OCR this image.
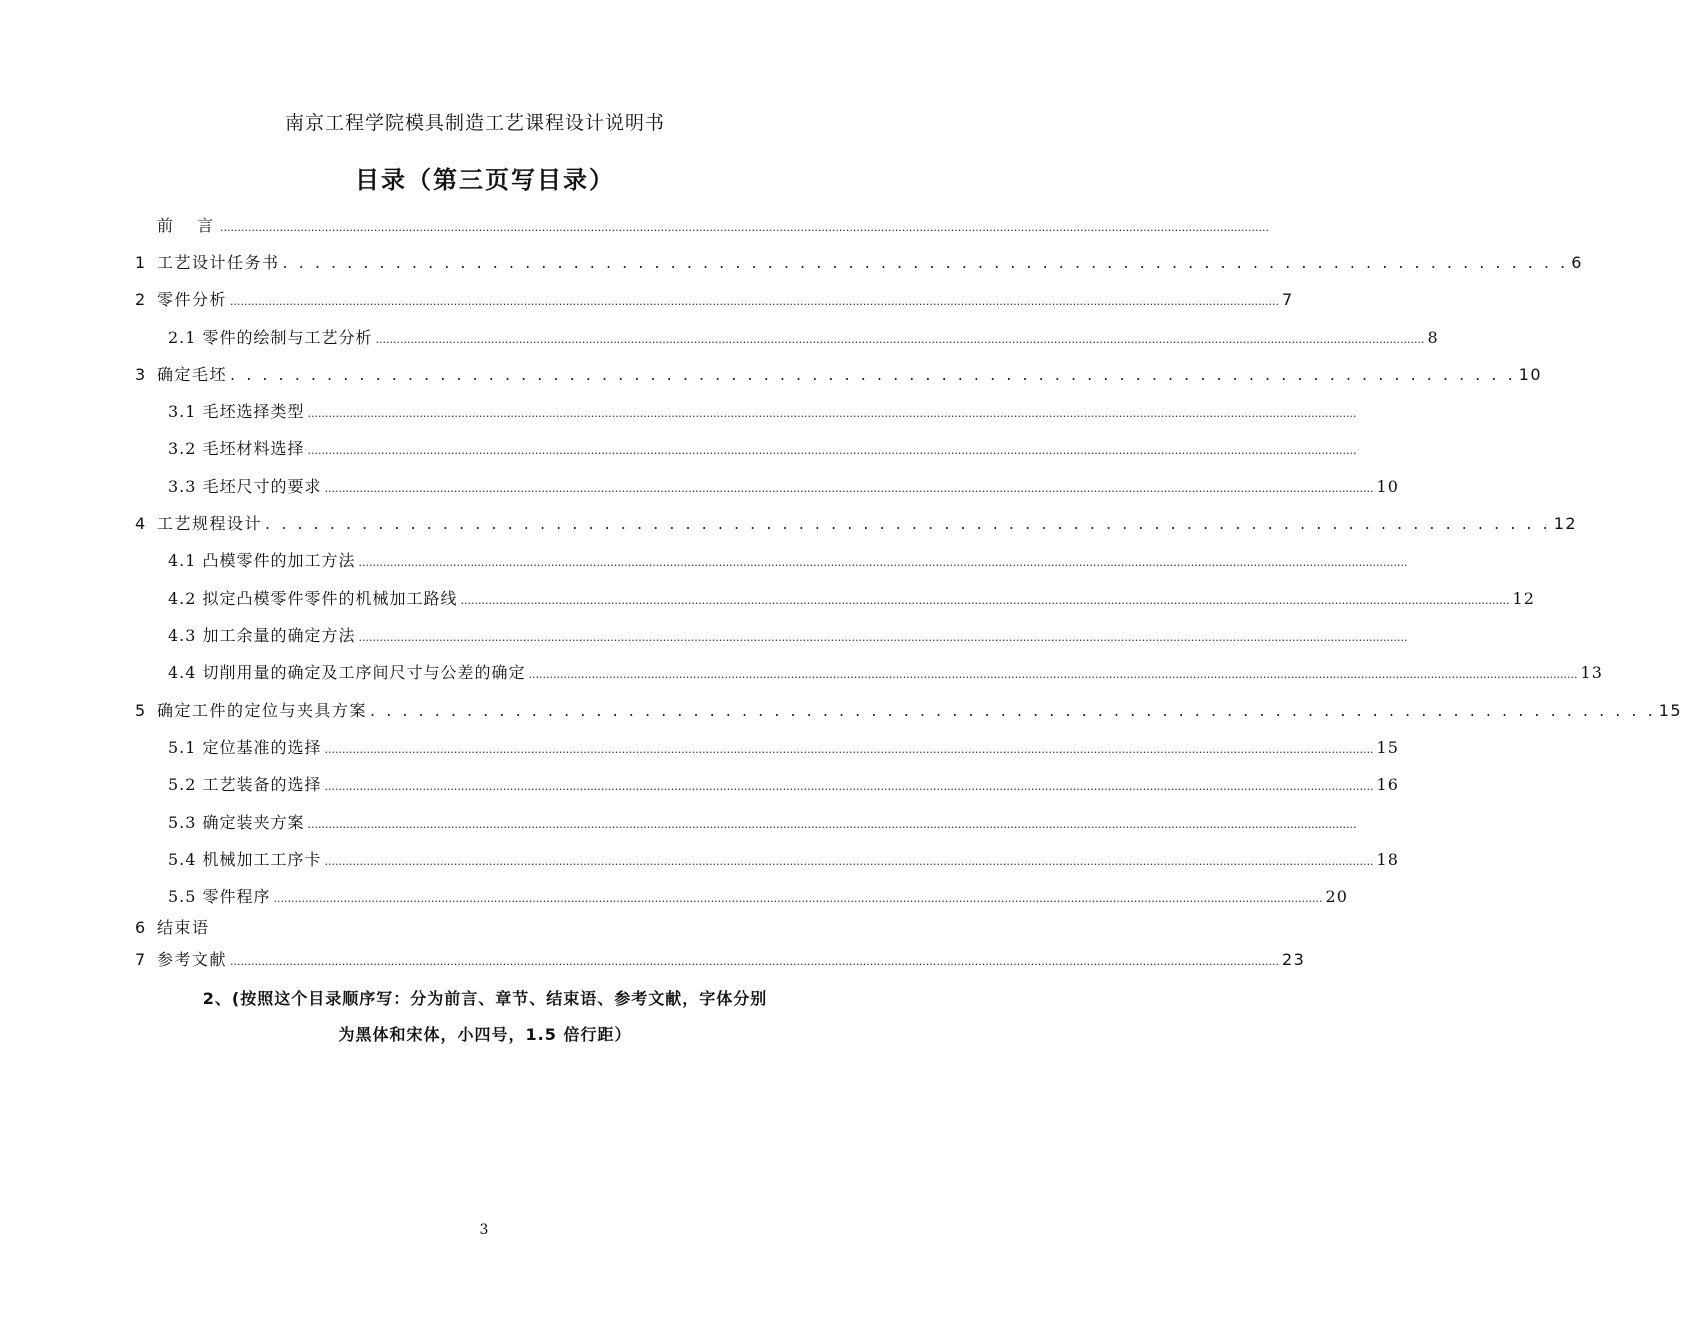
南京工程学院模具制造工艺课程设计说明书
目录（第三页写目录）
前　言 ............................................................................................................................................................................................................................................................................................................
1 工艺设计任务书 . . . . . . . . . . . . . . . . . . . . . . . . . . . . . . . . . . . . . . . . . . . . . . . . . . . . . . . . . . . . . . . . . . . . . . . . . . . . . . . . 6
2 零件分析 ............................................................................................................................................................................................................................................................................................................ 7
2.1 零件的绘制与工艺分析 ............................................................................................................................................................................................................................................................................................................ 8
3 确定毛坯 . . . . . . . . . . . . . . . . . . . . . . . . . . . . . . . . . . . . . . . . . . . . . . . . . . . . . . . . . . . . . . . . . . . . . . . . . . . . . . . . 10
3.1 毛坯选择类型 ............................................................................................................................................................................................................................................................................................................
3.2 毛坯材料选择 ............................................................................................................................................................................................................................................................................................................
3.3 毛坯尺寸的要求 ............................................................................................................................................................................................................................................................................................................ 10
4 工艺规程设计 . . . . . . . . . . . . . . . . . . . . . . . . . . . . . . . . . . . . . . . . . . . . . . . . . . . . . . . . . . . . . . . . . . . . . . . . . . . . . . . . 12
4.1 凸模零件的加工方法 ............................................................................................................................................................................................................................................................................................................
4.2 拟定凸模零件零件的机械加工路线 ............................................................................................................................................................................................................................................................................................................ 12
4.3 加工余量的确定方法 ............................................................................................................................................................................................................................................................................................................
4.4 切削用量的确定及工序间尺寸与公差的确定 ............................................................................................................................................................................................................................................................................................................ 13
5 确定工件的定位与夹具方案 . . . . . . . . . . . . . . . . . . . . . . . . . . . . . . . . . . . . . . . . . . . . . . . . . . . . . . . . . . . . . . . . . . . . . . . . . . . . . . . . 15
5.1 定位基准的选择 ............................................................................................................................................................................................................................................................................................................ 15
5.2 工艺装备的选择 ............................................................................................................................................................................................................................................................................................................ 16
5.3 确定装夹方案 ............................................................................................................................................................................................................................................................................................................
5.4 机械加工工序卡 ............................................................................................................................................................................................................................................................................................................ 18
5.5 零件程序 ............................................................................................................................................................................................................................................................................................................ 20
6 结束语
7 参考文献 ............................................................................................................................................................................................................................................................................................................ 23
2、(按照这个目录顺序写：分为前言、章节、结束语、参考文献，字体分别
为黑体和宋体，小四号，1.5 倍行距）
3
